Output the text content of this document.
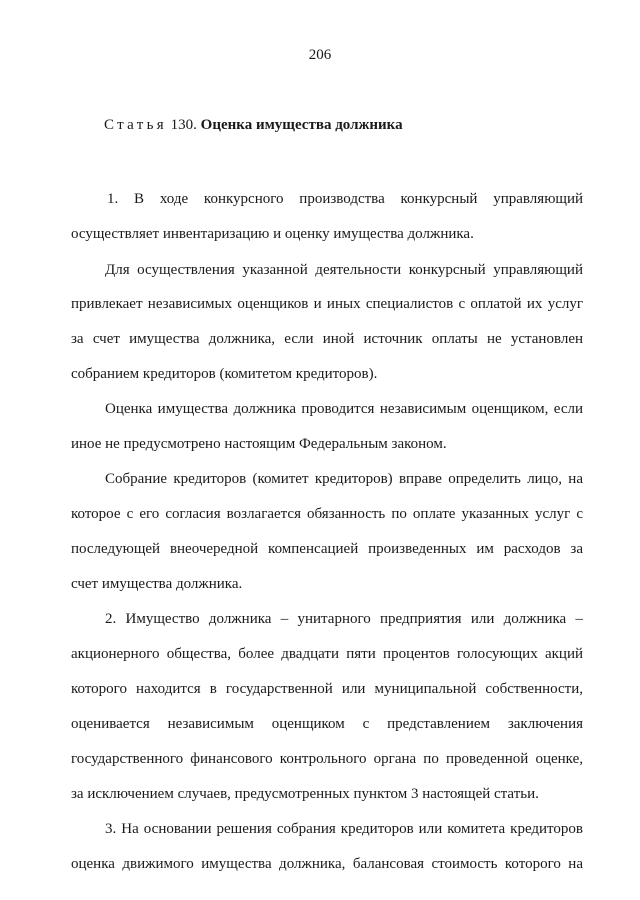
206
Статья 130. Оценка имущества должника
1. В ходе конкурсного производства конкурсный управляющий
осуществляет инвентаризацию и оценку имущества должника.
Для осуществления указанной деятельности конкурсный управляющий
привлекает независимых оценщиков и иных специалистов с оплатой их услуг
за счет имущества должника, если иной источник оплаты не установлен
собранием кредиторов (комитетом кредиторов).
Оценка имущества должника проводится независимым оценщиком, если
иное не предусмотрено настоящим Федеральным законом.
Собрание кредиторов (комитет кредиторов) вправе определить лицо, на
которое с его согласия возлагается обязанность по оплате указанных услуг с
последующей внеочередной компенсацией произведенных им расходов за
счет имущества должника.
2. Имущество должника – унитарного предприятия или должника –
акционерного общества, более двадцати пяти процентов голосующих акций
которого находится в государственной или муниципальной собственности,
оценивается независимым оценщиком с представлением заключения
государственного финансового контрольного органа по проведенной оценке,
за исключением случаев, предусмотренных пунктом 3 настоящей статьи.
3. На основании решения собрания кредиторов или комитета кредиторов
оценка движимого имущества должника, балансовая стоимость которого на
